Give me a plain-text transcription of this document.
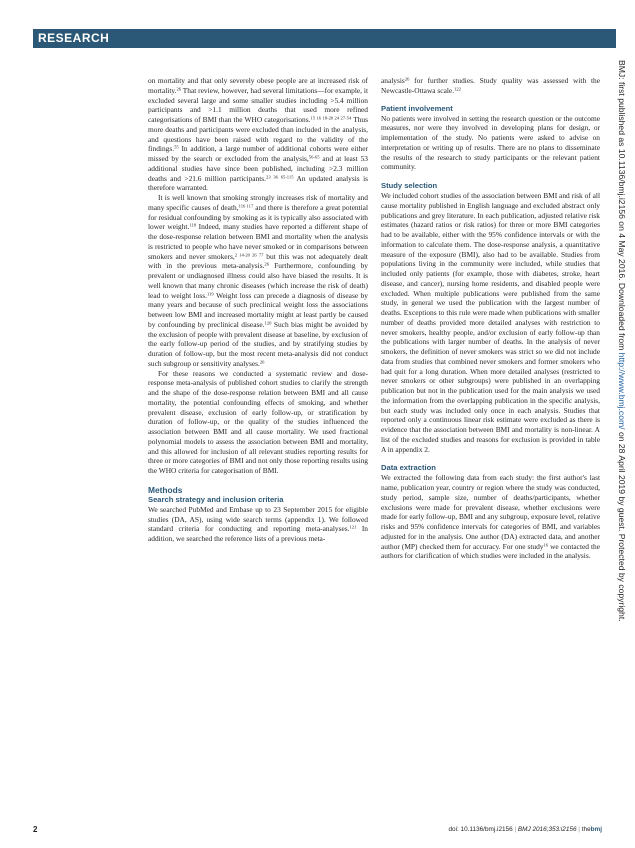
RESEARCH

on mortality and that only severely obese people are at increased risk of mortality.$^{26}$ That review, however, had several limitations—for example, it excluded several large and some smaller studies including >5.4 million participants and >1.1 million deaths that used more refined categorisations of BMI than the WHO categorisations.$^{15 16 18-20 24 27-54}$ Thus more deaths and participants were excluded than included in the analysis, and questions have been raised with regard to the validity of the findings.$^{55}$ In addition, a large number of additional cohorts were either missed by the search or excluded from the analysis,$^{56-65}$ and at least 53 additional studies have since been published, including >2.3 million deaths and >21.6 million participants.$^{23 36 65-115}$ An updated analysis is therefore warranted.

It is well known that smoking strongly increases risk of mortality and many specific causes of death,$^{116 117}$ and there is therefore a great potential for residual confounding by smoking as it is typically also associated with lower weight.$^{118}$ Indeed, many studies have reported a different shape of the dose-response relation between BMI and mortality when the analysis is restricted to people who have never smoked or in comparisons between smokers and never smokers,$^{2 14-20 26 77}$ but this was not adequately dealt with in the previous meta-analysis.$^{26}$ Furthermore, confounding by prevalent or undiagnosed illness could also have biased the results. It is well known that many chronic diseases (which increase the risk of death) lead to weight loss.$^{119}$ Weight loss can precede a diagnosis of disease by many years and because of such preclinical weight loss the associations between low BMI and increased mortality might at least partly be caused by confounding by preclinical disease.$^{120}$ Such bias might be avoided by the exclusion of people with prevalent disease at baseline, by exclusion of the early follow-up period of the studies, and by stratifying studies by duration of follow-up, but the most recent meta-analysis did not conduct such subgroup or sensitivity analyses.$^{26}$

For these reasons we conducted a systematic review and dose-response meta-analysis of published cohort studies to clarify the strength and the shape of the dose-response relation between BMI and all cause mortality, the potential confounding effects of smoking, and whether prevalent disease, exclusion of early follow-up, or stratification by duration of follow-up, or the quality of the studies influenced the association between BMI and all cause mortality. We used fractional polynomial models to assess the association between BMI and mortality, and this allowed for inclusion of all relevant studies reporting results for three or more categories of BMI and not only those reporting results using the WHO criteria for categorisation of BMI.

Methods
Search strategy and inclusion criteria

We searched PubMed and Embase up to 23 September 2015 for eligible studies (DA, AS), using wide search terms (appendix 1). We followed standard criteria for conducting and reporting meta-analyses.$^{121}$ In addition, we searched the reference lists of a previous meta-

analysis$^{26}$ for further studies. Study quality was assessed with the Newcastle-Ottawa scale.$^{122}$

Patient involvement

No patients were involved in setting the research question or the outcome measures, nor were they involved in developing plans for design, or implementation of the study. No patients were asked to advise on interpretation or writing up of results. There are no plans to disseminate the results of the research to study participants or the relevant patient community.

Study selection

We included cohort studies of the association between BMI and risk of all cause mortality published in English language and excluded abstract only publications and grey literature. In each publication, adjusted relative risk estimates (hazard ratios or risk ratios) for three or more BMI categories had to be available, either with the 95% confidence intervals or with the information to calculate them. The dose-response analysis, a quantitative measure of the exposure (BMI), also had to be available. Studies from populations living in the community were included, while studies that included only patients (for example, those with diabetes, stroke, heart disease, and cancer), nursing home residents, and disabled people were excluded. When multiple publications were published from the same study, in general we used the publication with the largest number of deaths. Exceptions to this rule were made when publications with smaller number of deaths provided more detailed analyses with restriction to never smokers, healthy people, and/or exclusion of early follow-up than the publications with larger number of deaths. In the analysis of never smokers, the definition of never smokers was strict so we did not include data from studies that combined never smokers and former smokers who had quit for a long duration. When more detailed analyses (restricted to never smokers or other subgroups) were published in an overlapping publication but not in the publication used for the main analysis we used the information from the overlapping publication in the specific analysis, but each study was included only once in each analysis. Studies that reported only a continuous linear risk estimate were excluded as there is evidence that the association between BMI and mortality is non-linear. A list of the excluded studies and reasons for exclusion is provided in table A in appendix 2.

Data extraction

We extracted the following data from each study: the first author's last name, publication year, country or region where the study was conducted, study period, sample size, number of deaths/participants, whether exclusions were made for prevalent disease, whether exclusions were made for early follow-up, BMI and any subgroup, exposure level, relative risks and 95% confidence intervals for categories of BMI, and variables adjusted for in the analysis. One author (DA) extracted data, and another author (MP) checked them for accuracy. For one study$^{16}$ we contacted the authors for clarification of which studies were included in the analysis.

BMJ: first published as 10.1136/bmj.i2156 on 4 May 2016. Downloaded from http://www.bmj.com/ on 28 April 2019 by guest. Protected by copyright.
2	doi: 10.1136/bmj.i2156 | BMJ 2016;353:i2156 | thebmj
